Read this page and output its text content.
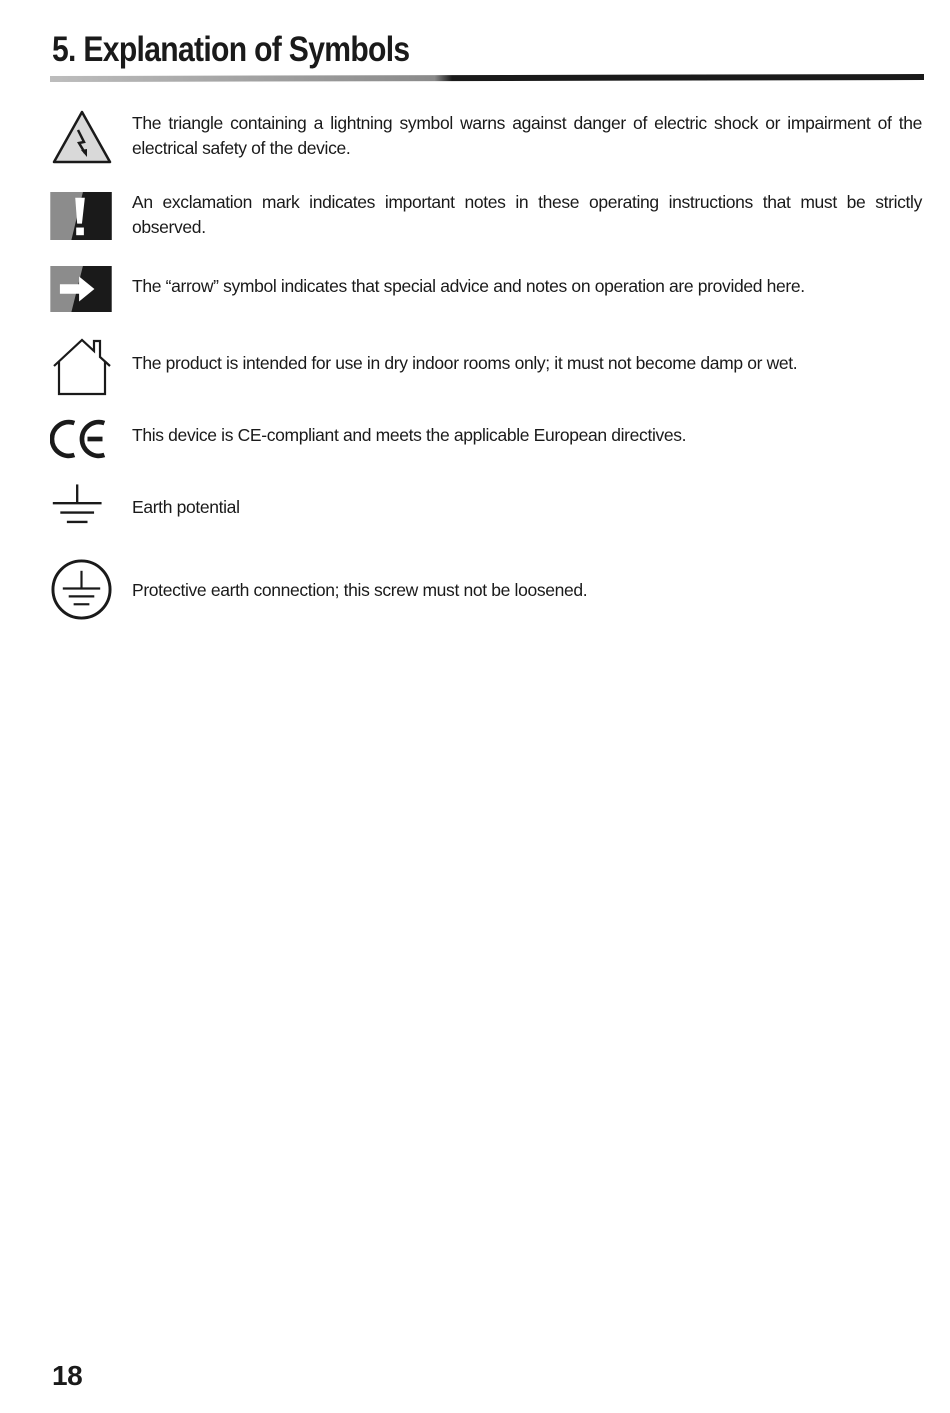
5. Explanation of Symbols

The triangle containing a lightning symbol warns against danger of electric shock or impairment of the electrical safety of the device.

An exclamation mark indicates important notes in these operating instructions that must be strictly observed.

The “arrow” symbol indicates that special advice and notes on operation are provided here.

The product is intended for use in dry indoor rooms only; it must not become damp or wet.

This device is CE-compliant and meets the applicable European directives.

Earth potential

Protective earth connection; this screw must not be loosened.

18
